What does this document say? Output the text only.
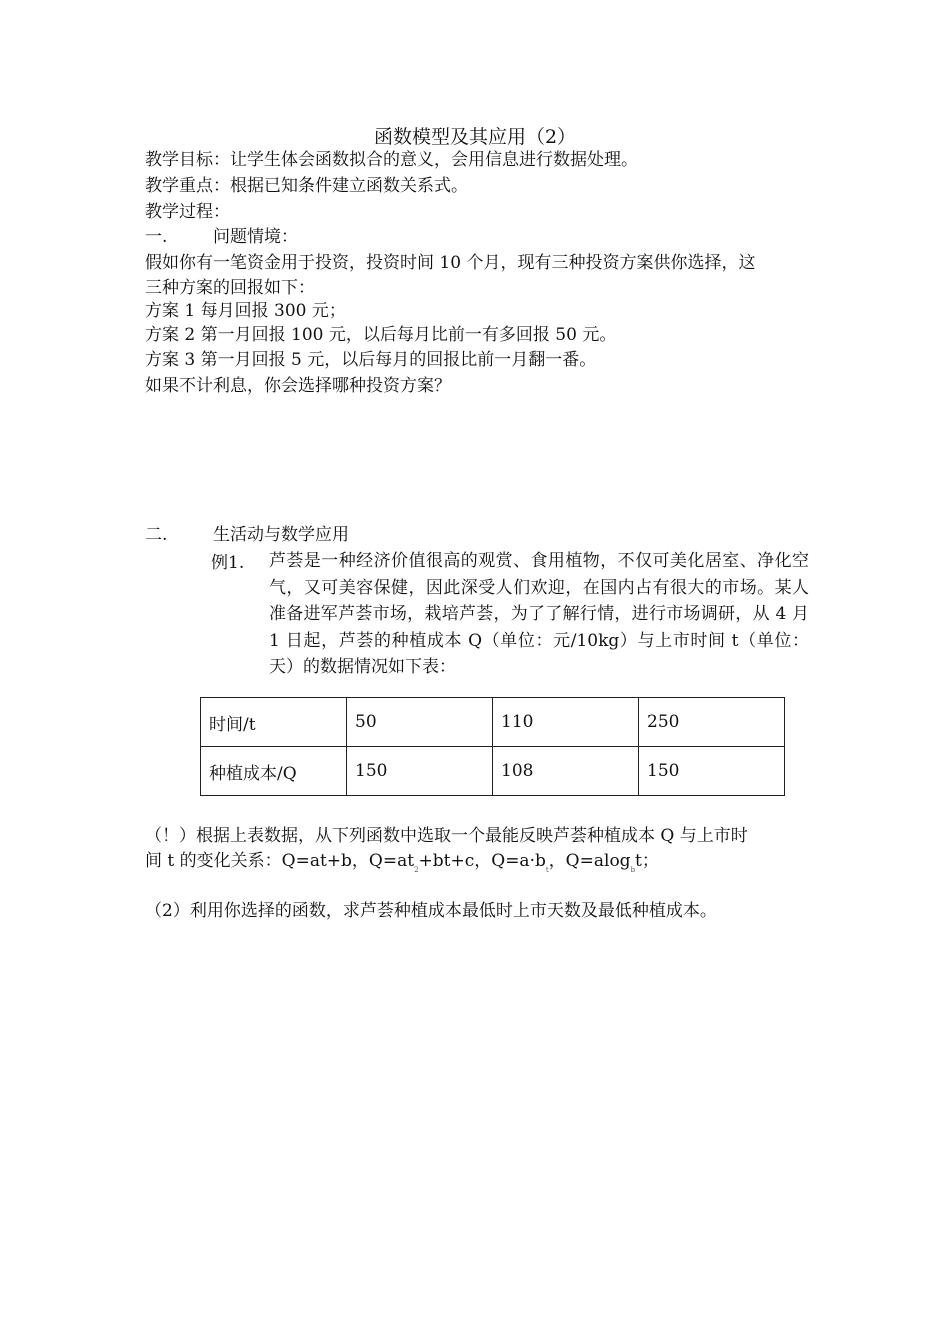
函数模型及其应用（2）
教学目标：让学生体会函数拟合的意义，会用信息进行数据处理。
教学重点：根据已知条件建立函数关系式。
教学过程：
一.	问题情境：
假如你有一笔资金用于投资，投资时间 10 个月，现有三种投资方案供你选择，这
三种方案的回报如下：
方案 1 每月回报 300 元；
方案 2 第一月回报 100 元，以后每月比前一有多回报 50 元。
方案 3 第一月回报 5 元，以后每月的回报比前一月翻一番。
如果不计利息，你会选择哪种投资方案？
二.	生活动与数学应用
例1. 芦荟是一种经济价值很高的观赏、食用植物，不仅可美化居室、净化空气，又可美容保健，因此深受人们欢迎，在国内占有很大的市场。某人准备进军芦荟市场，栽培芦荟，为了了解行情，进行市场调研，从 4 月 1 日起，芦荟的种植成本 Q（单位：元/10kg）与上市时间 t（单位：天）的数据情况如下表：
时间/t	50	110	250
种植成本/Q	150	108	150
（！）根据上表数据，从下列函数中选取一个最能反映芦荟种植成本 Q 与上市时
间 t 的变化关系：Q=at+b，$Q=at_2+bt+c$，$Q=a\cdot b_t$，Q=alog$_b$t；
（2）利用你选择的函数，求芦荟种植成本最低时上市天数及最低种植成本。
